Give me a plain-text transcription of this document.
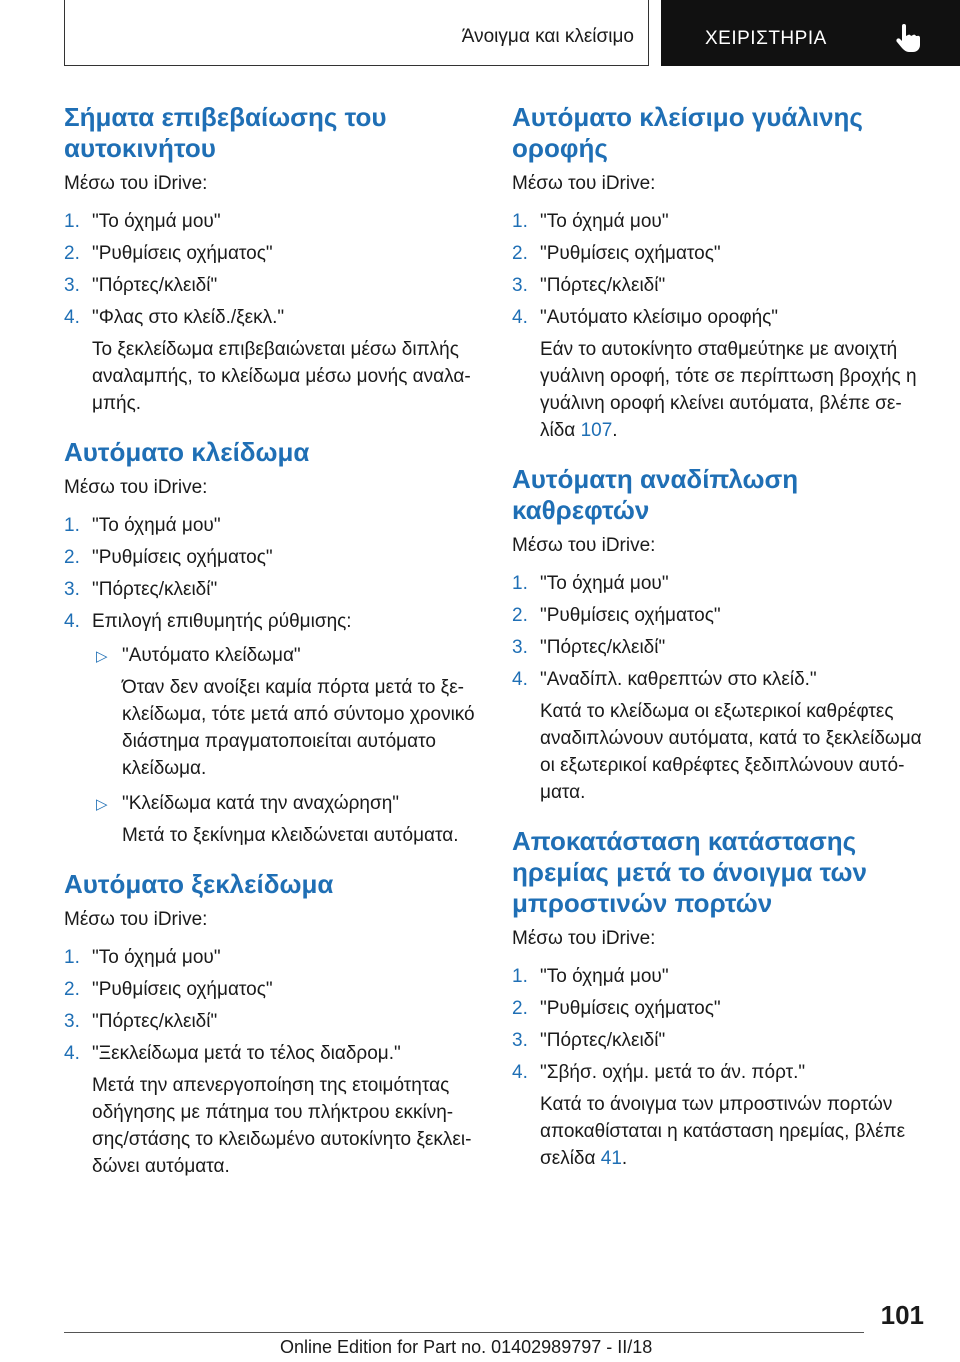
Άνοιγμα και κλείσιμο	ΧΕΙΡΙΣΤΗΡΙΑ
Σήματα επιβεβαίωσης του αυτοκινήτου

Μέσω του iDrive:

1. "Το όχημά μου"
2. "Ρυθμίσεις οχήματος"
3. "Πόρτες/κλειδί"
4. "Φλας στο κλείδ./ξεκλ."
Το ξεκλείδωμα επιβεβαιώνεται μέσω διπλής αναλαμπής, το κλείδωμα μέσω μονής αναλα-μπής.
Αυτόματο κλείδωμα

Μέσω του iDrive:

1. "Το όχημά μου"
2. "Ρυθμίσεις οχήματος"
3. "Πόρτες/κλειδί"
4. Επιλογή επιθυμητής ρύθμισης:
▷ "Αυτόματο κλείδωμα"
Όταν δεν ανοίξει καμία πόρτα μετά το ξε-κλείδωμα, τότε μετά από σύντομο χρονικό διάστημα πραγματοποιείται αυτόματο κλείδωμα.
▷ "Κλείδωμα κατά την αναχώρηση"
Μετά το ξεκίνημα κλειδώνεται αυτόματα.
Αυτόματο ξεκλείδωμα

Μέσω του iDrive:

1. "Το όχημά μου"
2. "Ρυθμίσεις οχήματος"
3. "Πόρτες/κλειδί"
4. "Ξεκλείδωμα μετά το τέλος διαδρομ."
Μετά την απενεργοποίηση της ετοιμότητας οδήγησης με πάτημα του πλήκτρου εκκίνη-σης/στάσης το κλειδωμένο αυτοκίνητο ξεκλει-δώνει αυτόματα.
Αυτόματο κλείσιμο γυάλινης οροφής

Μέσω του iDrive:

1. "Το όχημά μου"
2. "Ρυθμίσεις οχήματος"
3. "Πόρτες/κλειδί"
4. "Αυτόματο κλείσιμο οροφής"
Εάν το αυτοκίνητο σταθμεύτηκε με ανοιχτή γυάλινη οροφή, τότε σε περίπτωση βροχής η γυάλινη οροφή κλείνει αυτόματα, βλέπε σε-λίδα 107.
Αυτόματη αναδίπλωση καθρεφτών

Μέσω του iDrive:

1. "Το όχημά μου"
2. "Ρυθμίσεις οχήματος"
3. "Πόρτες/κλειδί"
4. "Αναδίπλ. καθρεπτών στο κλείδ."
Κατά το κλείδωμα οι εξωτερικοί καθρέφτες αναδιπλώνουν αυτόματα, κατά το ξεκλείδωμα οι εξωτερικοί καθρέφτες ξεδιπλώνουν αυτό-ματα.
Αποκατάσταση κατάστασης ηρεμίας μετά το άνοιγμα των μπροστινών πορτών

Μέσω του iDrive:

1. "Το όχημά μου"
2. "Ρυθμίσεις οχήματος"
3. "Πόρτες/κλειδί"
4. "Σβήσ. οχήμ. μετά το άν. πόρτ."
Κατά το άνοιγμα των μπροστινών πορτών αποκαθίσταται η κατάσταση ηρεμίας, βλέπε σελίδα 41.
101
Online Edition for Part no. 01402989797 - II/18
